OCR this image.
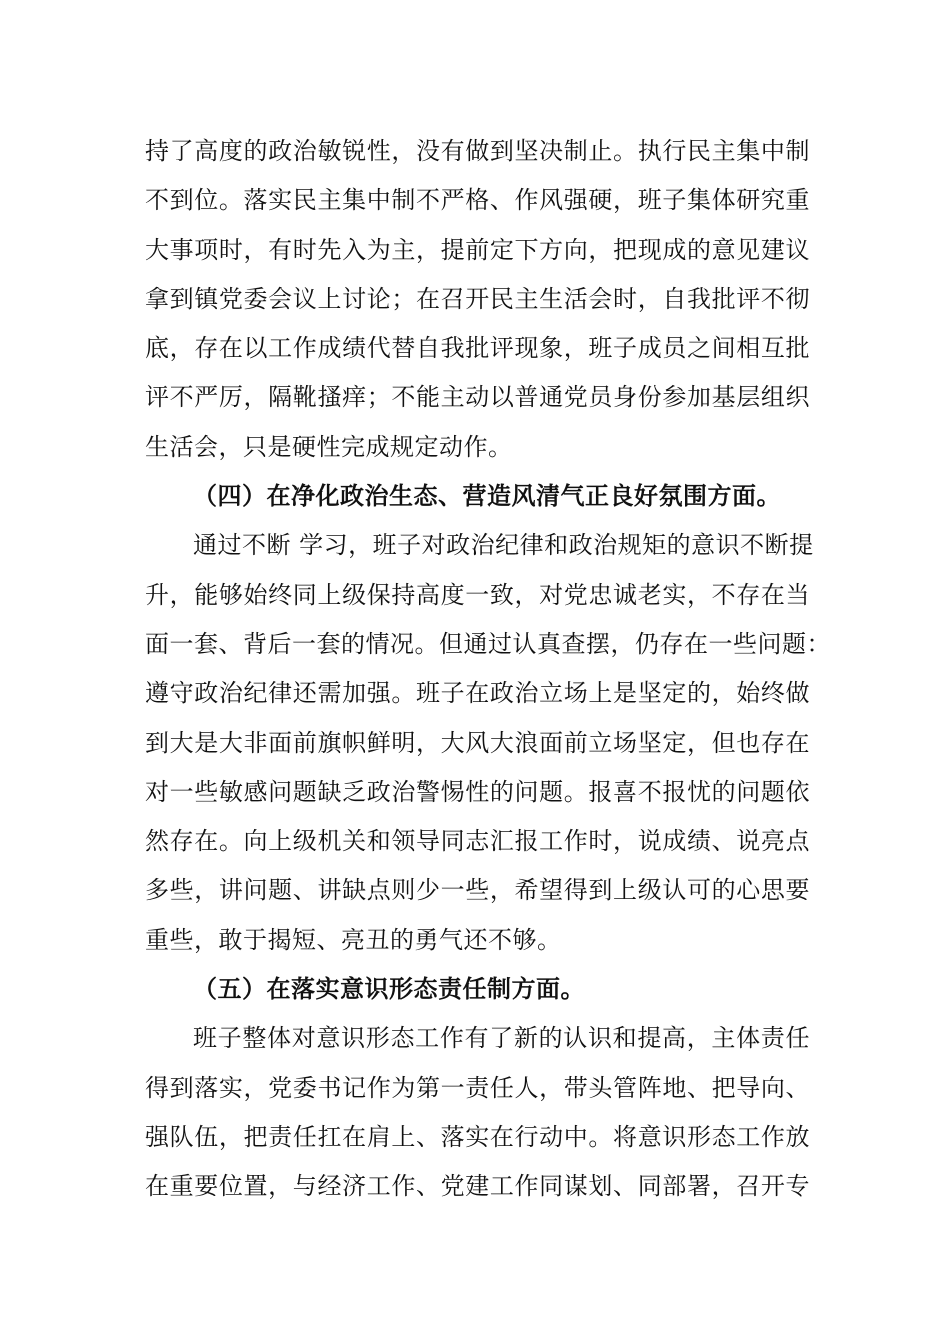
持了高度的政治敏锐性，没有做到坚决制止。执行民主集中制
不到位。落实民主集中制不严格、作风强硬，班子集体研究重
大事项时，有时先入为主，提前定下方向，把现成的意见建议
拿到镇党委会议上讨论；在召开民主生活会时，自我批评不彻
底，存在以工作成绩代替自我批评现象，班子成员之间相互批
评不严厉，隔靴搔痒；不能主动以普通党员身份参加基层组织
生活会，只是硬性完成规定动作。
（四）在净化政治生态、营造风清气正良好氛围方面。
通过不断 学习，班子对政治纪律和政治规矩的意识不断提
升，能够始终同上级保持高度一致，对党忠诚老实，不存在当
面一套、背后一套的情况。但通过认真查摆，仍存在一些问题：
遵守政治纪律还需加强。班子在政治立场上是坚定的，始终做
到大是大非面前旗帜鲜明，大风大浪面前立场坚定，但也存在
对一些敏感问题缺乏政治警惕性的问题。报喜不报忧的问题依
然存在。向上级机关和领导同志汇报工作时，说成绩、说亮点
多些，讲问题、讲缺点则少一些，希望得到上级认可的心思要
重些，敢于揭短、亮丑的勇气还不够。
（五）在落实意识形态责任制方面。
班子整体对意识形态工作有了新的认识和提高，主体责任
得到落实，党委书记作为第一责任人，带头管阵地、把导向、
强队伍，把责任扛在肩上、落实在行动中。将意识形态工作放
在重要位置，与经济工作、党建工作同谋划、同部署，召开专
